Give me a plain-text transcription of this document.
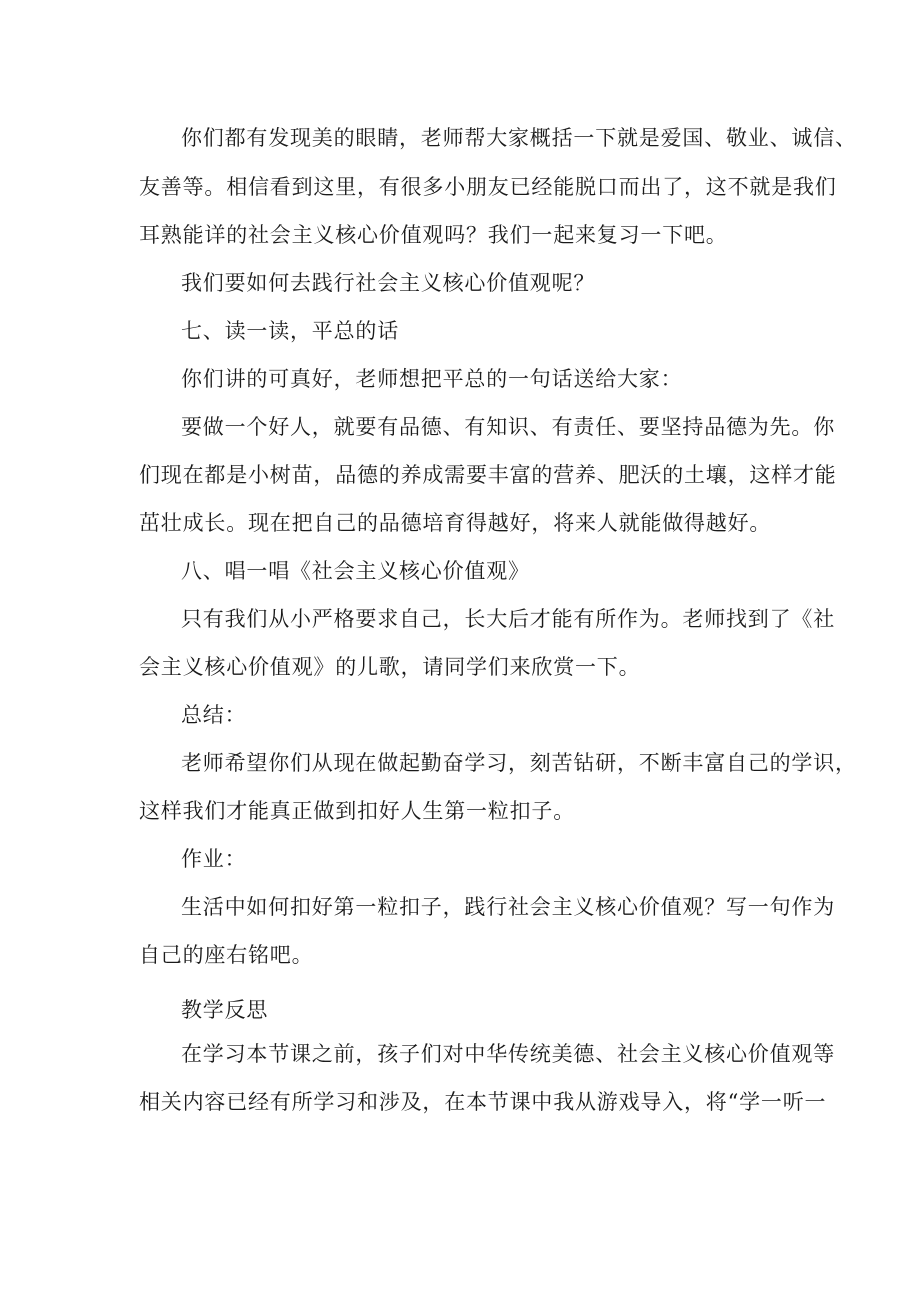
你们都有发现美的眼睛，老师帮大家概括一下就是爱国、敬业、诚信、
友善等。相信看到这里，有很多小朋友已经能脱口而出了，这不就是我们
耳熟能详的社会主义核心价值观吗？我们一起来复习一下吧。
我们要如何去践行社会主义核心价值观呢？
七、读一读，平总的话
你们讲的可真好，老师想把平总的一句话送给大家：
要做一个好人，就要有品德、有知识、有责任、要坚持品德为先。你
们现在都是小树苗，品德的养成需要丰富的营养、肥沃的土壤，这样才能
茁壮成长。现在把自己的品德培育得越好，将来人就能做得越好。
八、唱一唱《社会主义核心价值观》
只有我们从小严格要求自己，长大后才能有所作为。老师找到了《社
会主义核心价值观》的儿歌，请同学们来欣赏一下。
总结：
老师希望你们从现在做起勤奋学习，刻苦钻研，不断丰富自己的学识，
这样我们才能真正做到扣好人生第一粒扣子。
作业：
生活中如何扣好第一粒扣子，践行社会主义核心价值观？写一句作为
自己的座右铭吧。
教学反思
在学习本节课之前，孩子们对中华传统美德、社会主义核心价值观等
相关内容已经有所学习和涉及，在本节课中我从游戏导入，将“学一听一
